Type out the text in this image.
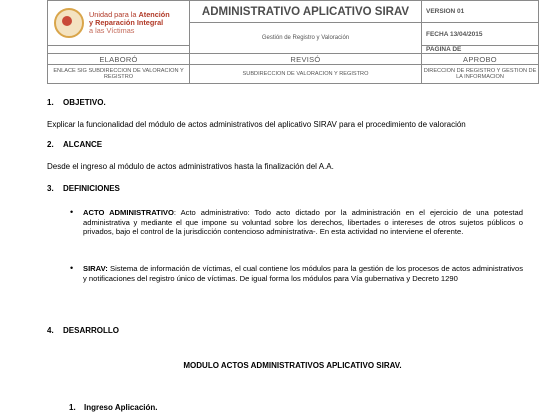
Unidad para la Atención
y Reparación Integral
a las Víctimas	ADMINISTRATIVO APLICATIVO SIRAV	VERSION 01
	Gestión de Registro y Valoración	FECHA 13/04/2015
		PAGINA DE
ELABORÓ	REVISÓ	APROBO
ENLACE SIG SUBDIRECCION DE VALORACION Y REGISTRO	SUBDIRECCION DE VALORACION Y REGISTRO	DIRECCION DE REGISTRO Y GESTION DE LA INFORMACION

1. OBJETIVO.

Explicar la funcionalidad del módulo de actos administrativos del aplicativo SIRAV para el procedimiento de valoración

2. ALCANCE

Desde el ingreso al módulo de actos administrativos hasta la finalización del A.A.

3. DEFINICIONES

• ACTO ADMINISTRATIVO: Acto administrativo: Todo acto dictado por la administración en el ejercicio de una potestad administrativa y mediante el que impone su voluntad sobre los derechos, libertades o intereses de otros sujetos públicos o privados, bajo el control de la jurisdicción contencioso administrativa-. En esta actividad no interviene el oferente.

• SIRAV: Sistema de información de víctimas, el cual contiene los módulos para la gestión de los procesos de actos administrativos y notificaciones del registro único de víctimas. De igual forma los módulos para Vía gubernativa y Decreto 1290

4. DESARROLLO

MODULO ACTOS ADMINISTRATIVOS APLICATIVO SIRAV.

1. Ingreso Aplicación.
